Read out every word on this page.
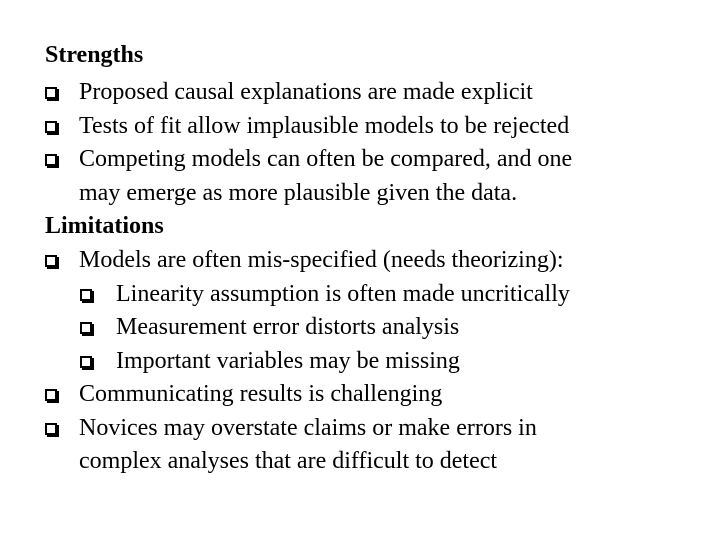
Strengths
Proposed causal explanations are made explicit
Tests of fit allow implausible models to be rejected
Competing models can often be compared, and one
may emerge as more plausible given the data.
Limitations
Models are often mis-specified (needs theorizing):
Linearity assumption is often made uncritically
Measurement error distorts analysis
Important variables may be missing
Communicating results is challenging
Novices may overstate claims or make errors in
complex analyses that are difficult to detect
